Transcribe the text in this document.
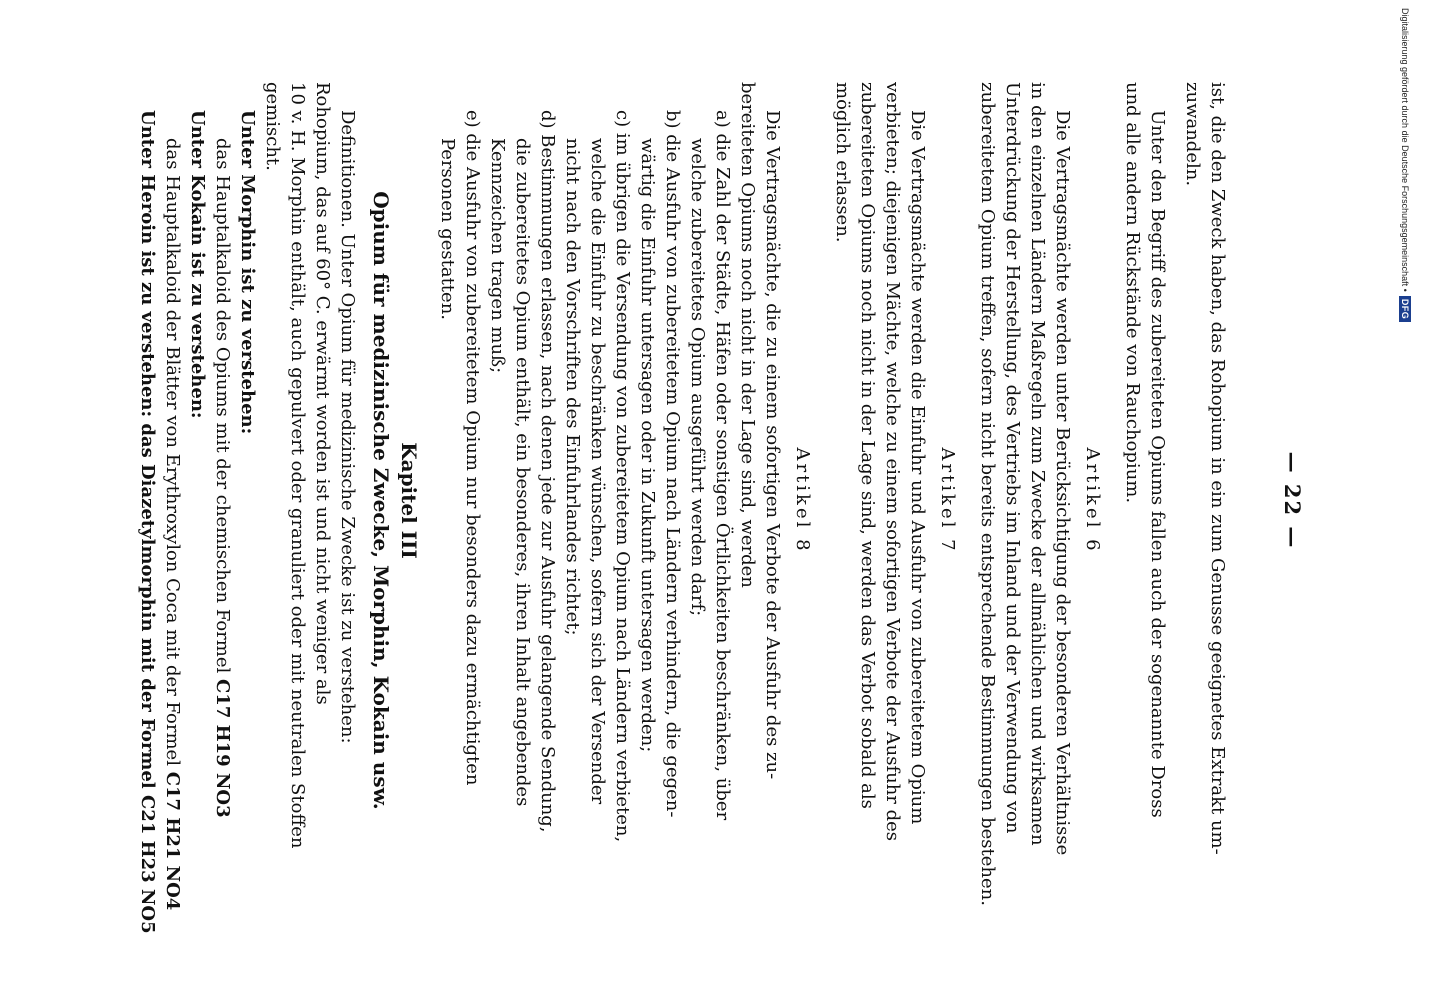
— 22 —
ist, die den Zweck haben, das Rohopium in ein zum Genusse geeignetes Extrakt um-
zuwandeln.
Unter den Begriff des zubereiteten Opiums fallen auch der sogenannte Dross
und alle andern Rückstände von Rauchopium.
Artikel 6
Die Vertragsmächte werden unter Berücksichtigung der besonderen Verhältnisse
in den einzelnen Ländern Maßregeln zum Zwecke der allmählichen und wirksamen
Unterdrückung der Herstellung, des Vertriebs im Inland und der Verwendung von
zubereitetem Opium treffen, sofern nicht bereits entsprechende Bestimmungen bestehen.
Artikel 7
Die Vertragsmächte werden die Einfuhr und Ausfuhr von zubereitetem Opium
verbieten; diejenigen Mächte, welche zu einem sofortigen Verbote der Ausfuhr des
zubereiteten Opiums noch nicht in der Lage sind, werden das Verbot sobald als
möglich erlassen.
Artikel 8
Die Vertragsmächte, die zu einem sofortigen Verbote der Ausfuhr des zu-
bereiteten Opiums noch nicht in der Lage sind, werden
a) die Zahl der Städte, Häfen oder sonstigen Örtlichkeiten beschränken, über
welche zubereitetes Opium ausgeführt werden darf;
b) die Ausfuhr von zubereitetem Opium nach Ländern verhindern, die gegen-
wärtig die Einfuhr untersagen oder in Zukunft untersagen werden;
c) im übrigen die Versendung von zubereitetem Opium nach Ländern verbieten,
welche die Einfuhr zu beschränken wünschen, sofern sich der Versender
nicht nach den Vorschriften des Einfuhrlandes richtet;
d) Bestimmungen erlassen, nach denen jede zur Ausfuhr gelangende Sendung,
die zubereitetes Opium enthält, ein besonderes, ihren Inhalt angebendes
Kennzeichen tragen muß;
e) die Ausfuhr von zubereitetem Opium nur besonders dazu ermächtigten
Personen gestatten.
Kapitel III
Opium für medizinische Zwecke, Morphin, Kokain usw.
Definitionen. Unter Opium für medizinische Zwecke ist zu verstehen:
Rohopium, das auf 60° C. erwärmt worden ist und nicht weniger als
10 v. H. Morphin enthält, auch gepulvert oder granuliert oder mit neutralen Stoffen
gemischt.
Unter Morphin ist zu verstehen:
das Hauptalkaloid des Opiums mit der chemischen Formel C17 H19 NO3
Unter Kokain ist zu verstehen:
das Hauptalkaloid der Blätter von Erythroxylon Coca mit der Formel C17 H21 NO4
Unter Heroin ist zu verstehen: das Diazetylmorphin mit der Formel C21 H23 NO5	Digitalisierung gefördert durch die Deutsche Forschungsgemeinschaft •
DFG
